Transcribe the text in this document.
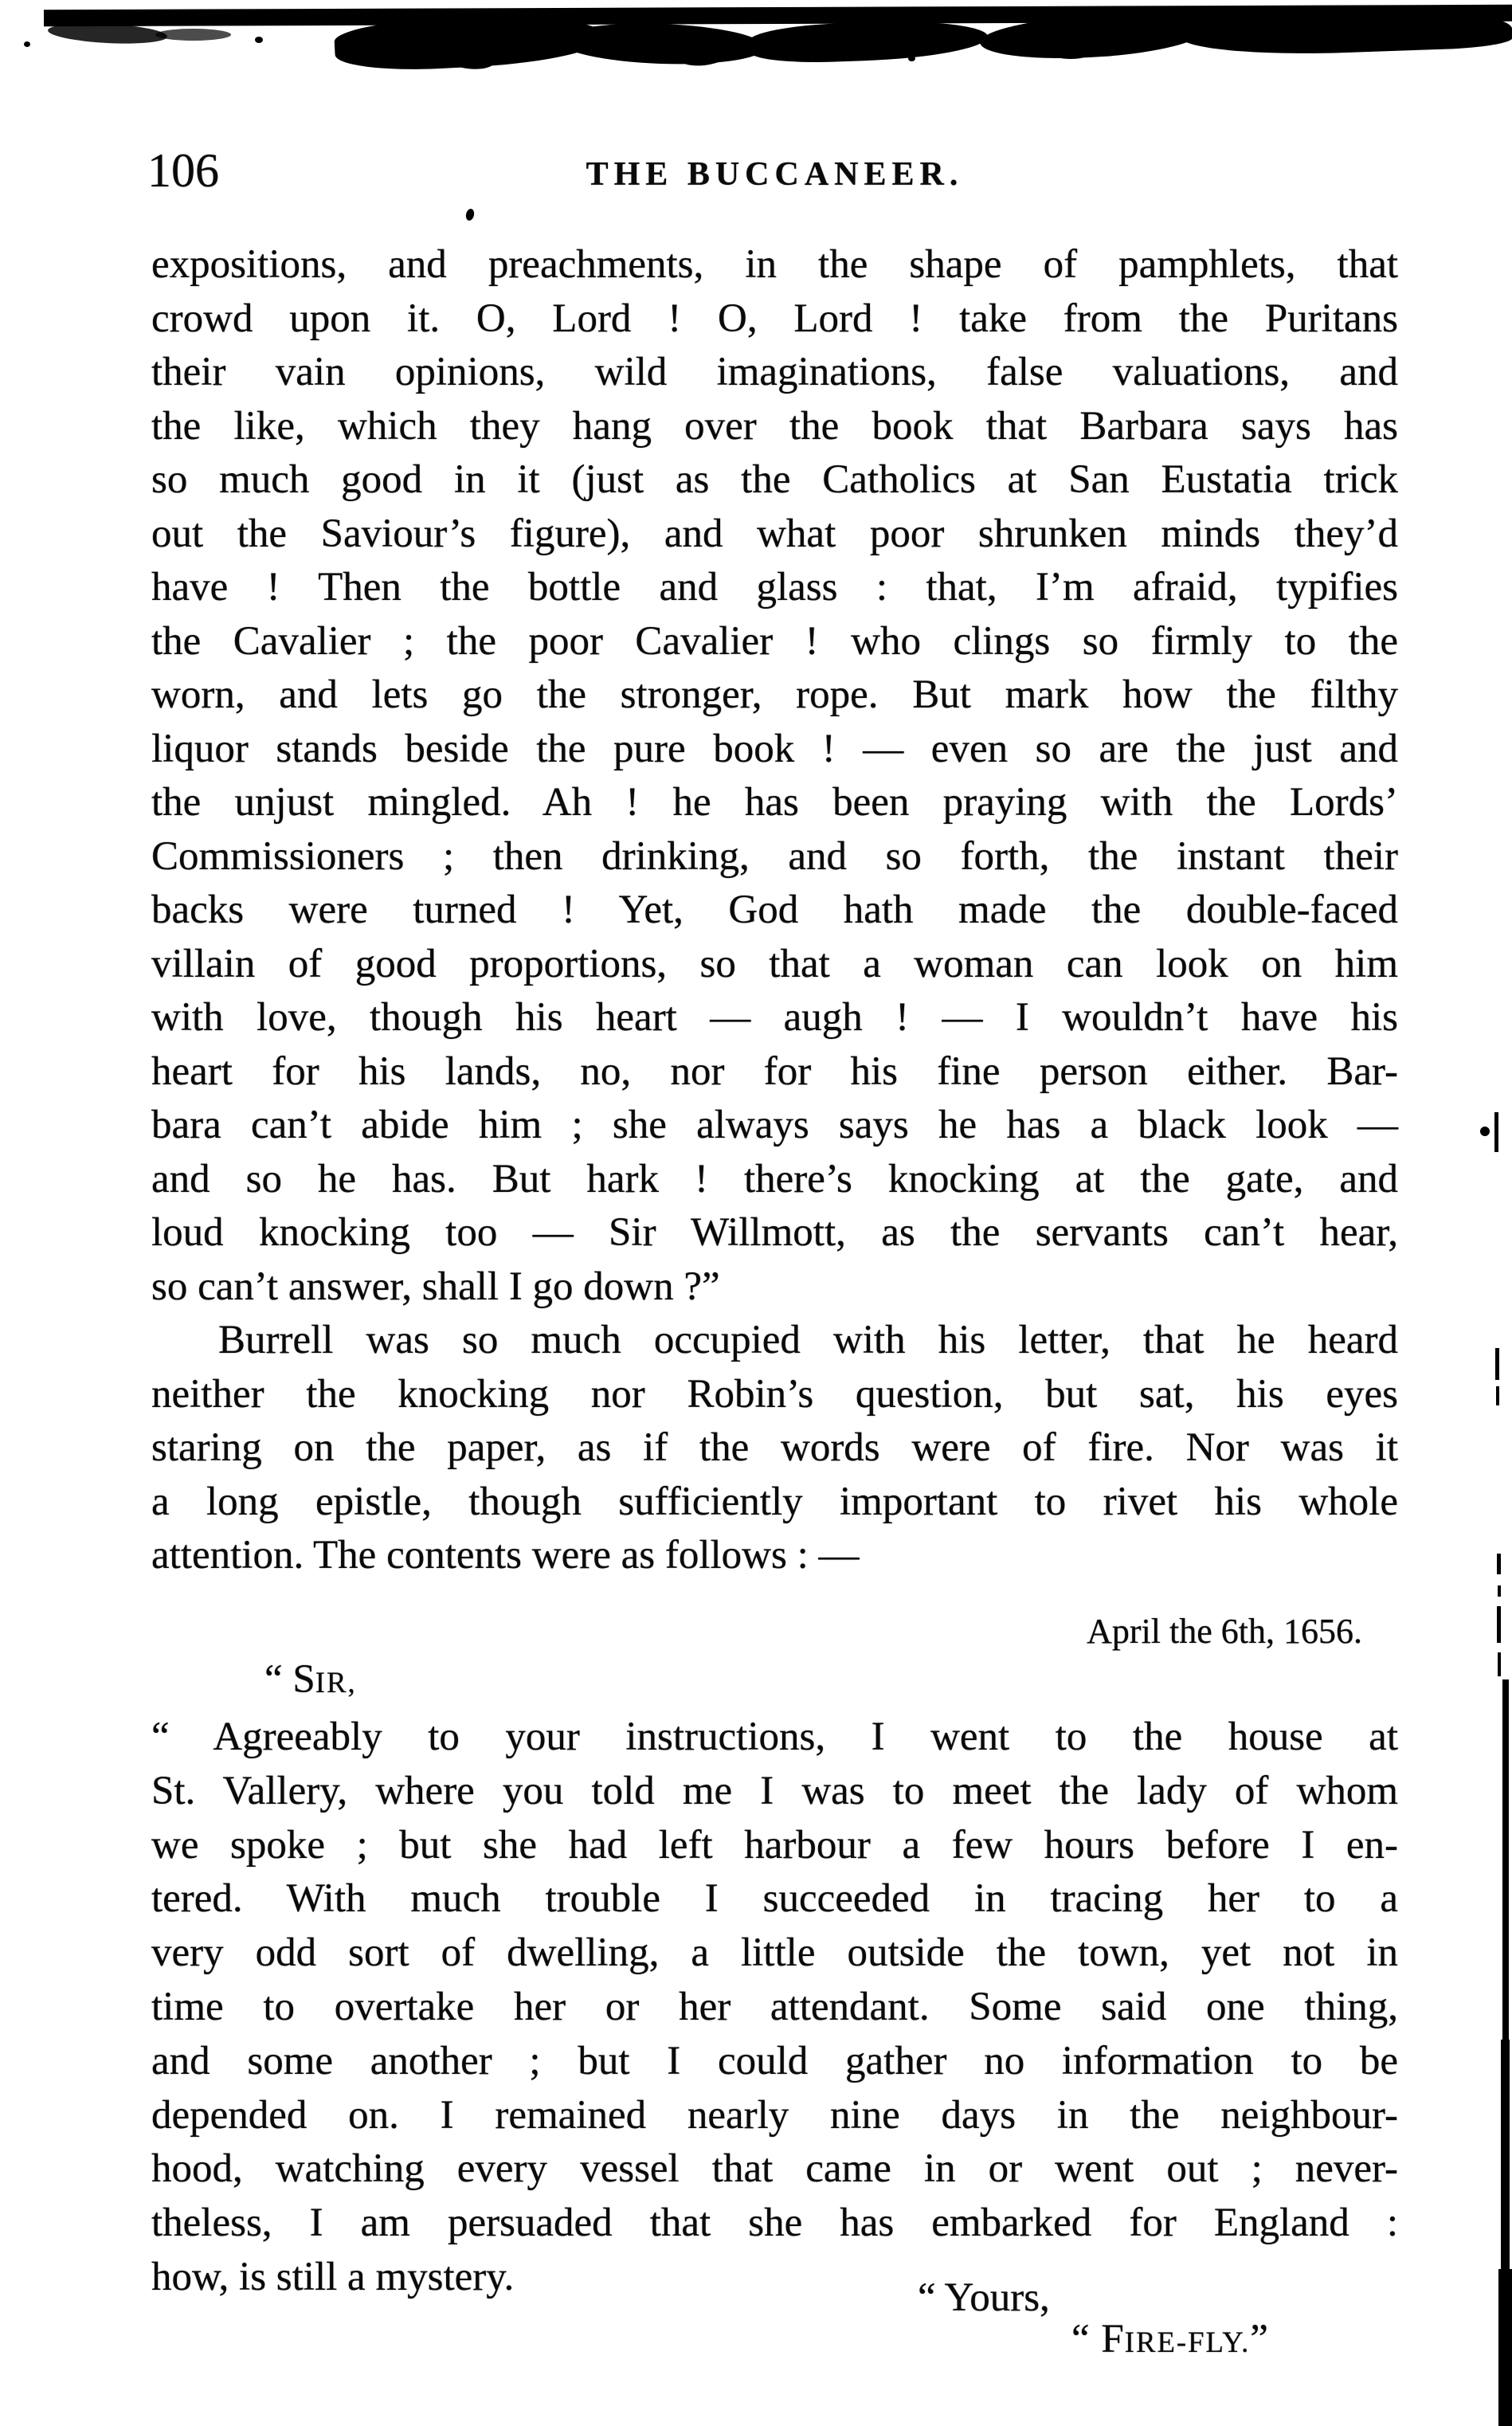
106	THE BUCCANEER.
expositions, and preachments, in the shape of pamphlets, that
crowd upon it. O, Lord ! O, Lord ! take from the Puritans
their vain opinions, wild imaginations, false valuations, and
the like, which they hang over the book that Barbara says has
so much good in it (just as the Catholics at San Eustatia trick
out the Saviour’s figure), and what poor shrunken minds they’d
have ! Then the bottle and glass : that, I’m afraid, typifies
the Cavalier ; the poor Cavalier ! who clings so firmly to the
worn, and lets go the stronger, rope. But mark how the filthy
liquor stands beside the pure book ! — even so are the just and
the unjust mingled. Ah ! he has been praying with the Lords’
Commissioners ; then drinking, and so forth, the instant their
backs were turned ! Yet, God hath made the double-faced
villain of good proportions, so that a woman can look on him
with love, though his heart — augh ! — I wouldn’t have his
heart for his lands, no, nor for his fine person either. Bar-
bara can’t abide him ; she always says he has a black look —
and so he has. But hark ! there’s knocking at the gate, and
loud knocking too — Sir Willmott, as the servants can’t hear,
so can’t answer, shall I go down ?”
Burrell was so much occupied with his letter, that he heard
neither the knocking nor Robin’s question, but sat, his eyes
staring on the paper, as if the words were of fire. Nor was it
a long epistle, though sufficiently important to rivet his whole
attention. The contents were as follows : —
April the 6th, 1656.
“ SIR,
“ Agreeably to your instructions, I went to the house at
St. Vallery, where you told me I was to meet the lady of whom
we spoke ; but she had left harbour a few hours before I en-
tered. With much trouble I succeeded in tracing her to a
very odd sort of dwelling, a little outside the town, yet not in
time to overtake her or her attendant. Some said one thing,
and some another ; but I could gather no information to be
depended on. I remained nearly nine days in the neighbour-
hood, watching every vessel that came in or went out ; never-
theless, I am persuaded that she has embarked for England :
how, is still a mystery.	“ Yours,
“ FIRE-FLY.”
